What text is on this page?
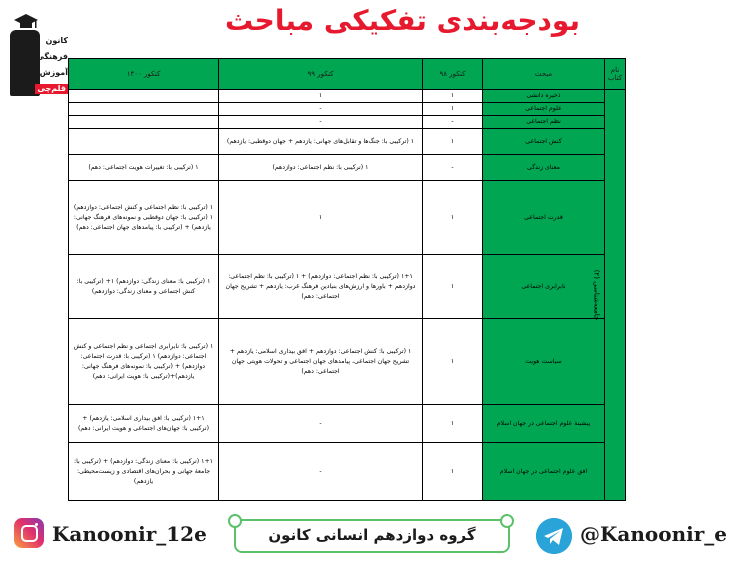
بودجه‌بندی تفکیکی مباحث
کانون
فرهنگی
آموزش
قلم‌چی
نام کتاب	مبحث	کنکور ۹۸	کنکور ۹۹	کنکور ۱۴۰۰
جامعه‌شناسی (۲)	ذخیره دانشی	۱	۱	
	علوم اجتماعی	۱	-	
	نظم اجتماعی	-	-	
	کنش اجتماعی	۱	۱ (ترکیبی با: جنگ‌ها و تقابل‌های جهانی: یازدهم + جهان دوقطبی: یازدهم)	
	معنای زندگی	-	۱ (ترکیبی با: نظم اجتماعی: دوازدهم)	۱ (ترکیبی با: تغییرات هویت اجتماعی: دهم)
	قدرت اجتماعی	۱	۱	۱ (ترکیبی با: نظم اجتماعی و کنش اجتماعی: دوازدهم) ۱ (ترکیبی با: جهان دوقطبی و نمونه‌های فرهنگ جهانی: یازدهم) + (ترکیبی با: پیامدهای جهان اجتماعی: دهم)
	نابرابری اجتماعی	۱	۱+۱ (ترکیبی با: نظم اجتماعی: دوازدهم) + ۱ (ترکیبی با: نظم اجتماعی: دوازدهم + باورها و ارزش‌های بنیادین فرهنگ غرب: یازدهم + تشریح جهان اجتماعی: دهم)	۱ (ترکیبی با: معنای زندگی: دوازدهم) ۱+ (ترکیبی با: کنش اجتماعی و معنای زندگی: دوازدهم)
	سیاست هویت	۱	۱ (ترکیبی با: کنش اجتماعی: دوازدهم + افق بیداری اسلامی: یازدهم + تشریح جهان اجتماعی، پیامدهای جهان اجتماعی و تحولات هویتی جهان اجتماعی: دهم)	۱ (ترکیبی با: نابرابری اجتماعی و نظم اجتماعی و کنش اجتماعی: دوازدهم) ۱ (ترکیبی با: قدرت اجتماعی: دوازدهم) + (ترکیبی با: نمونه‌های فرهنگ جهانی: یازدهم)+(ترکیبی با: هویت ایرانی: دهم)
	پیشینهٔ علوم اجتماعی در جهان اسلام	۱	-	۱+۱ (ترکیبی با: افق بیداری اسلامی: یازدهم) + (ترکیبی با: جهان‌های اجتماعی و هویت ایرانی: دهم)
	افق علوم اجتماعی در جهان اسلام	۱	-	۱+۱ (ترکیبی با: معنای زندگی: دوازدهم) + (ترکیبی با: جامعهٔ جهانی و بحران‌های اقتصادی و زیست‌محیطی: یازدهم)
Kanoonir_12e	گروه دوازدهم انسانی کانون	@Kanoonir_e
